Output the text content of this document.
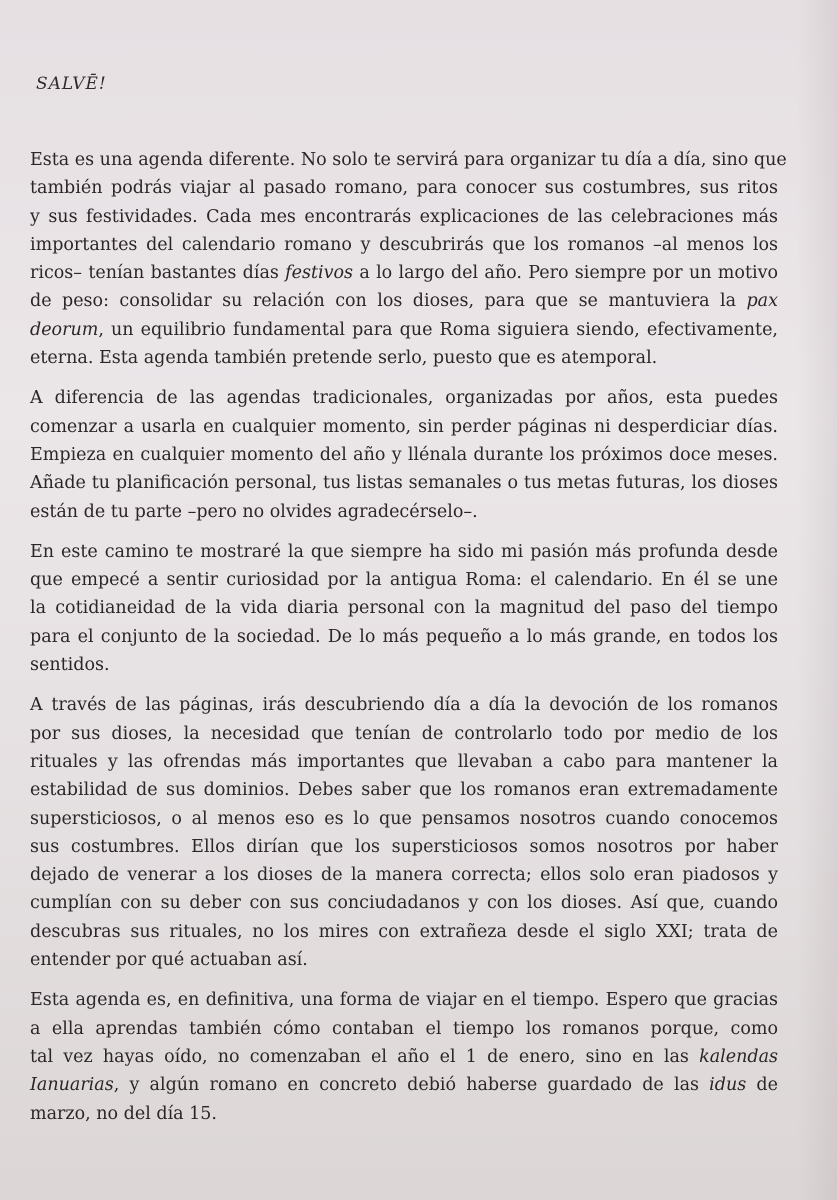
SALVĒ!
Esta es una agenda diferente. No solo te servirá para organizar tu día a día, sino que
también podrás viajar al pasado romano, para conocer sus costumbres, sus ritos
y sus festividades. Cada mes encontrarás explicaciones de las celebraciones más
importantes del calendario romano y descubrirás que los romanos –al menos los
ricos– tenían bastantes días festivos a lo largo del año. Pero siempre por un motivo
de peso: consolidar su relación con los dioses, para que se mantuviera la pax
deorum, un equilibrio fundamental para que Roma siguiera siendo, efectivamente,
eterna. Esta agenda también pretende serlo, puesto que es atemporal.
A diferencia de las agendas tradicionales, organizadas por años, esta puedes
comenzar a usarla en cualquier momento, sin perder páginas ni desperdiciar días.
Empieza en cualquier momento del año y llénala durante los próximos doce meses.
Añade tu planificación personal, tus listas semanales o tus metas futuras, los dioses
están de tu parte –pero no olvides agradecérselo–.
En este camino te mostraré la que siempre ha sido mi pasión más profunda desde
que empecé a sentir curiosidad por la antigua Roma: el calendario. En él se une
la cotidianeidad de la vida diaria personal con la magnitud del paso del tiempo
para el conjunto de la sociedad. De lo más pequeño a lo más grande, en todos los
sentidos.
A través de las páginas, irás descubriendo día a día la devoción de los romanos
por sus dioses, la necesidad que tenían de controlarlo todo por medio de los
rituales y las ofrendas más importantes que llevaban a cabo para mantener la
estabilidad de sus dominios. Debes saber que los romanos eran extremadamente
supersticiosos, o al menos eso es lo que pensamos nosotros cuando conocemos
sus costumbres. Ellos dirían que los supersticiosos somos nosotros por haber
dejado de venerar a los dioses de la manera correcta; ellos solo eran piadosos y
cumplían con su deber con sus conciudadanos y con los dioses. Así que, cuando
descubras sus rituales, no los mires con extrañeza desde el siglo XXI; trata de
entender por qué actuaban así.
Esta agenda es, en definitiva, una forma de viajar en el tiempo. Espero que gracias
a ella aprendas también cómo contaban el tiempo los romanos porque, como
tal vez hayas oído, no comenzaban el año el 1 de enero, sino en las kalendas
Ianuarias, y algún romano en concreto debió haberse guardado de las idus de
marzo, no del día 15.
